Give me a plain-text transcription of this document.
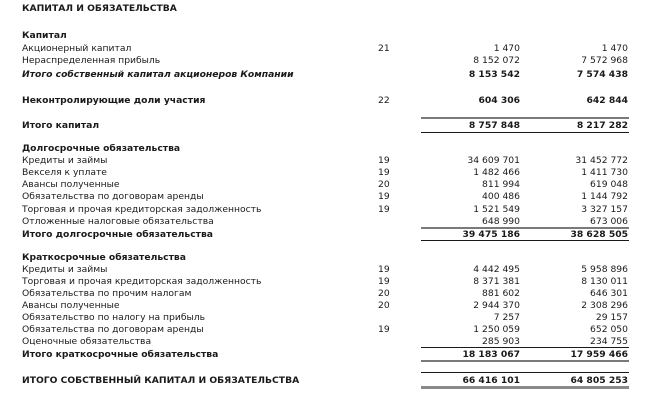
КАПИТАЛ И ОБЯЗАТЕЛЬСТВА
Капитал
Акционерный капитал	21	1 470	1 470
Нераспределенная прибыль	8 152 072	7 572 968
Итого собственный капитал акционеров Компании	8 153 542	7 574 438
Неконтролирующие доли участия	22	604 306	642 844
Итого капитал	8 757 848	8 217 282
Долгосрочные обязательства
Кредиты и займы	19	34 609 701	31 452 772
Векселя к уплате	19	1 482 466	1 411 730
Авансы полученные	20	811 994	619 048
Обязательства по договорам аренды	19	400 486	1 144 792
Торговая и прочая кредиторская задолженность	19	1 521 549	3 327 157
Отложенные налоговые обязательства	648 990	673 006
Итого долгосрочные обязательства	39 475 186	38 628 505
Краткосрочные обязательства
Кредиты и займы	19	4 442 495	5 958 896
Торговая и прочая кредиторская задолженность	19	8 371 381	8 130 011
Обязательства по прочим налогам	20	881 602	646 301
Авансы полученные	20	2 944 370	2 308 296
Обязательство по налогу на прибыль	7 257	29 157
Обязательства по договорам аренды	19	1 250 059	652 050
Оценочные обязательства	285 903	234 755
Итого краткосрочные обязательства	18 183 067	17 959 466
ИТОГО СОБСТВЕННЫЙ КАПИТАЛ И ОБЯЗАТЕЛЬСТВА	66 416 101	64 805 253
